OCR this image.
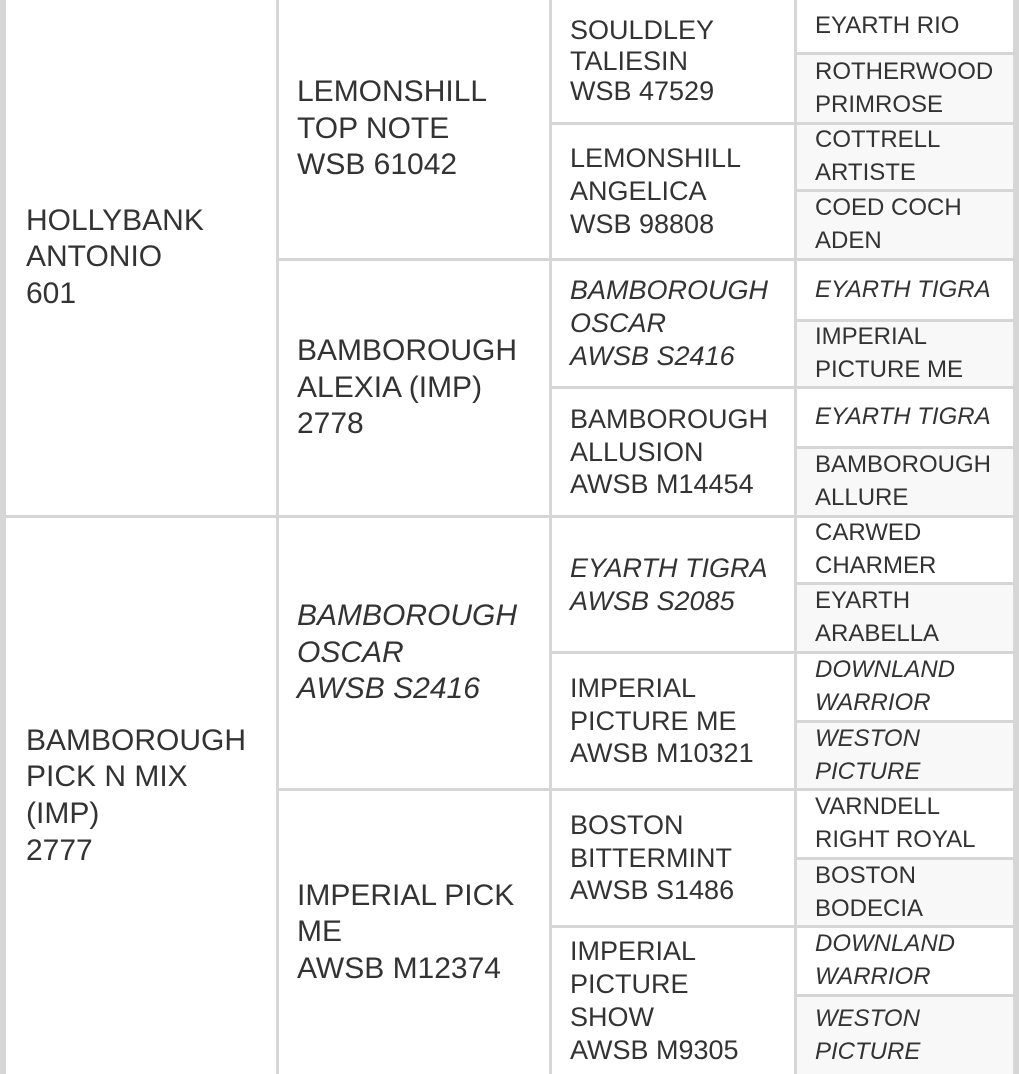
HOLLYBANK
ANTONIO
601
BAMBOROUGH
PICK N MIX
(IMP)
2777
LEMONSHILL
TOP NOTE
WSB 61042
BAMBOROUGH
ALEXIA (IMP)
2778
BAMBOROUGH
OSCAR
AWSB S2416
IMPERIAL PICK
ME
AWSB M12374
SOULDLEY
TALIESIN
WSB 47529
LEMONSHILL
ANGELICA
WSB 98808
BAMBOROUGH
OSCAR
AWSB S2416
BAMBOROUGH
ALLUSION
AWSB M14454
EYARTH TIGRA
AWSB S2085
IMPERIAL
PICTURE ME
AWSB M10321
BOSTON
BITTERMINT
AWSB S1486
IMPERIAL
PICTURE
SHOW
AWSB M9305
EYARTH RIO
ROTHERWOOD
PRIMROSE
COTTRELL
ARTISTE
COED COCH
ADEN
EYARTH TIGRA
IMPERIAL
PICTURE ME
EYARTH TIGRA
BAMBOROUGH
ALLURE
CARWED
CHARMER
EYARTH
ARABELLA
DOWNLAND
WARRIOR
WESTON
PICTURE
VARNDELL
RIGHT ROYAL
BOSTON
BODECIA
DOWNLAND
WARRIOR
WESTON
PICTURE
